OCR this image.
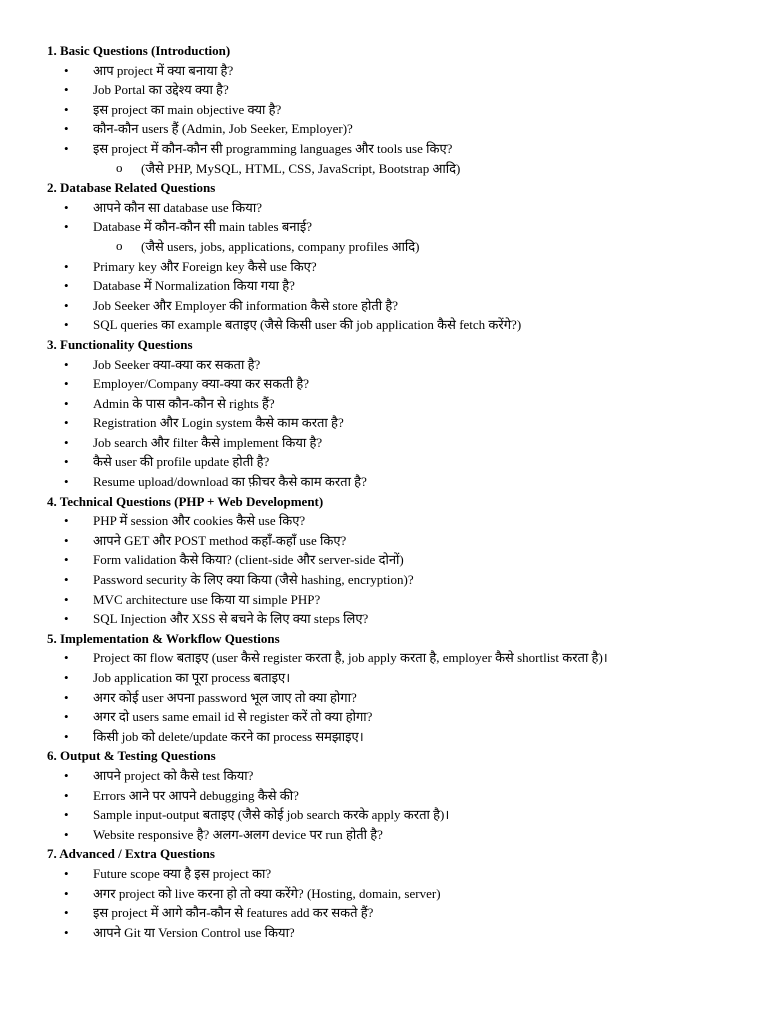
1. Basic Questions (Introduction)
• आप project में क्या बनाया है?
• Job Portal का उद्देश्य क्या है?
• इस project का main objective क्या है?
• कौन-कौन users हैं (Admin, Job Seeker, Employer)?
• इस project में कौन-कौन सी programming languages और tools use किए?
o (जैसे PHP, MySQL, HTML, CSS, JavaScript, Bootstrap आदि)
2. Database Related Questions
• आपने कौन सा database use किया?
• Database में कौन-कौन सी main tables बनाई?
o (जैसे users, jobs, applications, company profiles आदि)
• Primary key और Foreign key कैसे use किए?
• Database में Normalization किया गया है?
• Job Seeker और Employer की information कैसे store होती है?
• SQL queries का example बताइए (जैसे किसी user की job application कैसे fetch करेंगे?)
3. Functionality Questions
• Job Seeker क्या-क्या कर सकता है?
• Employer/Company क्या-क्या कर सकती है?
• Admin के पास कौन-कौन से rights हैं?
• Registration और Login system कैसे काम करता है?
• Job search और filter कैसे implement किया है?
• कैसे user की profile update होती है?
• Resume upload/download का फ़ीचर कैसे काम करता है?
4. Technical Questions (PHP + Web Development)
• PHP में session और cookies कैसे use किए?
• आपने GET और POST method कहाँ-कहाँ use किए?
• Form validation कैसे किया? (client-side और server-side दोनों)
• Password security के लिए क्या किया (जैसे hashing, encryption)?
• MVC architecture use किया या simple PHP?
• SQL Injection और XSS से बचने के लिए क्या steps लिए?
5. Implementation & Workflow Questions
• Project का flow बताइए (user कैसे register करता है, job apply करता है, employer कैसे shortlist करता है)।
• Job application का पूरा process बताइए।
• अगर कोई user अपना password भूल जाए तो क्या होगा?
• अगर दो users same email id से register करें तो क्या होगा?
• किसी job को delete/update करने का process समझाइए।
6. Output & Testing Questions
• आपने project को कैसे test किया?
• Errors आने पर आपने debugging कैसे की?
• Sample input-output बताइए (जैसे कोई job search करके apply करता है)।
• Website responsive है? अलग-अलग device पर run होती है?
7. Advanced / Extra Questions
• Future scope क्या है इस project का?
• अगर project को live करना हो तो क्या करेंगे? (Hosting, domain, server)
• इस project में आगे कौन-कौन से features add कर सकते हैं?
• आपने Git या Version Control use किया?
